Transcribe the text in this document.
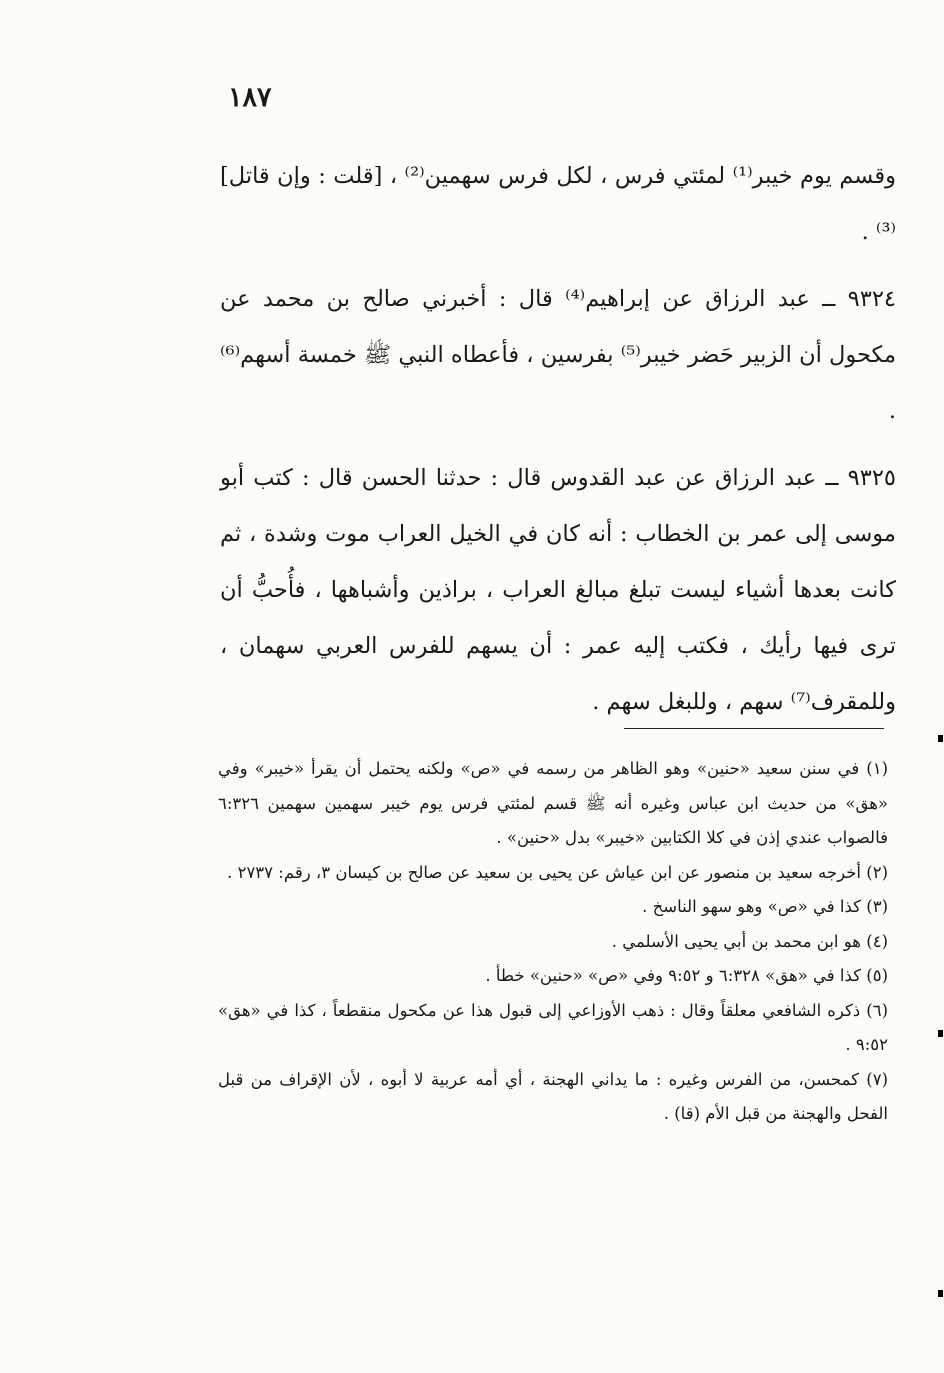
١٨٧

وقسم يوم خيبر⁽¹⁾ لمئتي فرس ، لكل فرس سهمين⁽²⁾ ، [قلت : وإن قاتل]⁽³⁾ .

٩٣٢٤ ــ عبد الرزاق عن إبراهيم⁽⁴⁾ قال : أخبرني صالح بن محمد عن مكحول أن الزبير حَضر خيبر⁽⁵⁾ بفرسين ، فأعطاه النبي ﷺ خمسة أسهم⁽⁶⁾ .

٩٣٢٥ ــ عبد الرزاق عن عبد القدوس قال : حدثنا الحسن قال : كتب أبو موسى إلى عمر بن الخطاب : أنه كان في الخيل العراب موت وشدة ، ثم كانت بعدها أشياء ليست تبلغ مبالغ العراب ، براذين وأشباهها ، فأُحبُّ أن ترى فيها رأيك ، فكتب إليه عمر : أن يسهم للفرس العربي سهمان ، وللمقرف⁽⁷⁾ سهم ، وللبغل سهم .

(١) في سنن سعيد «حنين» وهو الظاهر من رسمه في «ص» ولكنه يحتمل أن يقرأ «خيبر» وفي «هق» من حديث ابن عباس وغيره أنه ﷺ قسم لمئتي فرس يوم خيبر سهمين سهمين ٦:٣٢٦ فالصواب عندي إذن في كلا الكتابين «خيبر» بدل «حنين» .

(٢) أخرجه سعيد بن منصور عن ابن عياش عن يحيى بن سعيد عن صالح بن كيسان ٣، رقم: ٢٧٣٧ .

(٣) كذا في «ص» وهو سهو الناسخ .

(٤) هو ابن محمد بن أبي يحيى الأسلمي .

(٥) كذا في «هق» ٦:٣٢٨ و ٩:٥٢ وفي «ص» «حنين» خطأ .

(٦) ذكره الشافعي معلقاً وقال : ذهب الأوزاعي إلى قبول هذا عن مكحول منقطعاً ، كذا في «هق» ٩:٥٢ .

(٧) كمحسن، من الفرس وغيره : ما يداني الهجنة ، أي أمه عربية لا أبوه ، لأن الإقراف من قبل الفحل والهجنة من قبل الأم (قا) .
